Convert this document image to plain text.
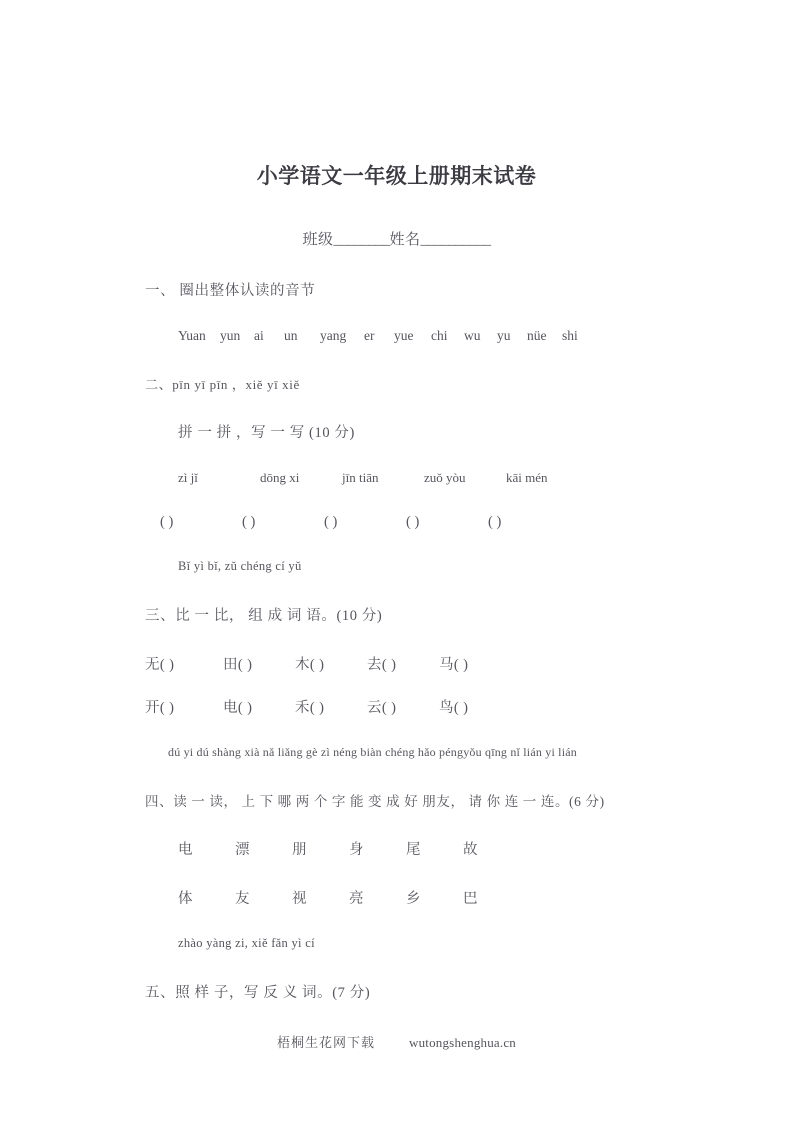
小学语文一年级上册期末试卷
班级________姓名__________

一、 圈出整体认读的音节

Yuan	yun	ai	un	yang	er	yue	chi	wu	yu	nüe	shi

二、pīn yī pīn ，xiě yī xiě

拼 一 拼 ，写 一 写 (10 分)

zì jǐ	dōng xi	jīn tiān	zuǒ yòu	kāi mén
( )	( )	( )	( )	( )

Bǐ yì bǐ, zǔ chéng cí yǔ

三、比 一 比， 组 成 词 语。(10 分)

无( )	田( )	木( )	去( )	马( )
开( )	电( )	禾( )	云( )	鸟( )

dú yi dú shàng xià nǎ liǎng gè zì néng biàn chéng hǎo péngyǒu qīng nǐ lián yi lián

四、读 一 读， 上 下 哪 两 个 字 能 变 成 好 朋友， 请 你 连 一 连。(6 分)

电	漂	朋	身	尾	故
体	友	视	亮	乡	巴

zhào yàng zi, xiě fǎn yì cí

五、照 样 子，写 反 义 词。(7 分)

梧桐生花网下载	wutongshenghua.cn
